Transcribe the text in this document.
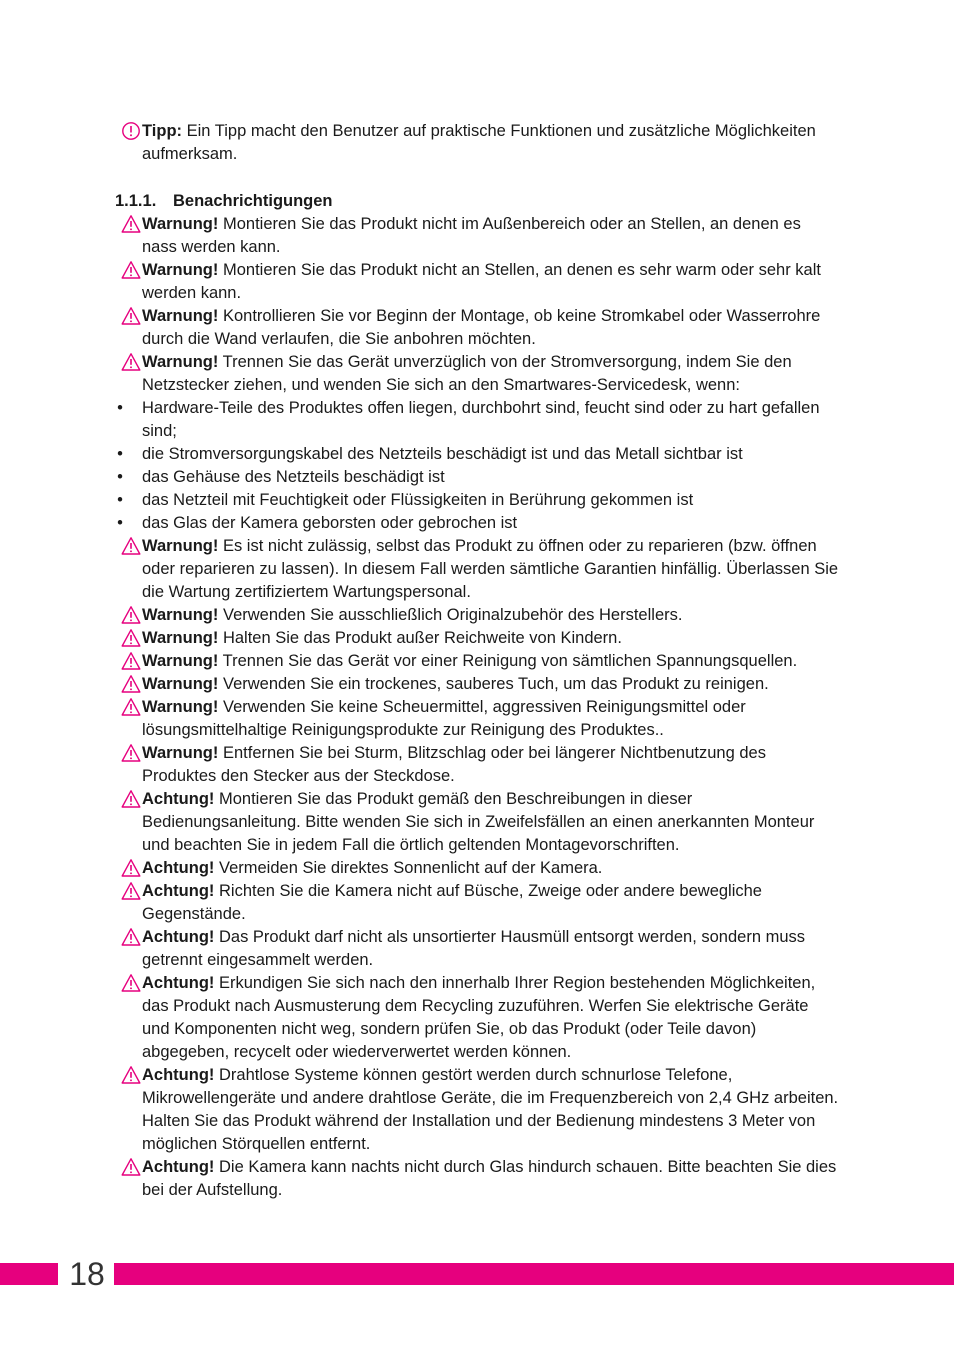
Tipp: Ein Tipp macht den Benutzer auf praktische Funktionen und zusätzliche Möglichkeiten aufmerksam.
1.1.1. Benachrichtigungen
Warnung! Montieren Sie das Produkt nicht im Außenbereich oder an Stellen, an denen es nass werden kann.
Warnung! Montieren Sie das Produkt nicht an Stellen, an denen es sehr warm oder sehr kalt werden kann.
Warnung! Kontrollieren Sie vor Beginn der Montage, ob keine Stromkabel oder Wasserrohre durch die Wand verlaufen, die Sie anbohren möchten.
Warnung! Trennen Sie das Gerät unverzüglich von der Stromversorgung, indem Sie den Netzstecker ziehen, und wenden Sie sich an den Smartwares-Servicedesk, wenn:
• Hardware-Teile des Produktes offen liegen, durchbohrt sind, feucht sind oder zu hart gefallen sind;
• die Stromversorgungskabel des Netzteils beschädigt ist und das Metall sichtbar ist
• das Gehäuse des Netzteils beschädigt ist
• das Netzteil mit Feuchtigkeit oder Flüssigkeiten in Berührung gekommen ist
• das Glas der Kamera geborsten oder gebrochen ist
Warnung! Es ist nicht zulässig, selbst das Produkt zu öffnen oder zu reparieren (bzw. öffnen oder reparieren zu lassen). In diesem Fall werden sämtliche Garantien hinfällig. Überlassen Sie die Wartung zertifiziertem Wartungspersonal.
Warnung! Verwenden Sie ausschließlich Originalzubehör des Herstellers.
Warnung! Halten Sie das Produkt außer Reichweite von Kindern.
Warnung! Trennen Sie das Gerät vor einer Reinigung von sämtlichen Spannungsquellen.
Warnung! Verwenden Sie ein trockenes, sauberes Tuch, um das Produkt zu reinigen.
Warnung! Verwenden Sie keine Scheuermittel, aggressiven Reinigungsmittel oder lösungsmittelhaltige Reinigungsprodukte zur Reinigung des Produktes..
Warnung! Entfernen Sie bei Sturm, Blitzschlag oder bei längerer Nichtbenutzung des Produktes den Stecker aus der Steckdose.
Achtung! Montieren Sie das Produkt gemäß den Beschreibungen in dieser Bedienungsanleitung. Bitte wenden Sie sich in Zweifelsfällen an einen anerkannten Monteur und beachten Sie in jedem Fall die örtlich geltenden Montagevorschriften.
Achtung! Vermeiden Sie direktes Sonnenlicht auf der Kamera.
Achtung! Richten Sie die Kamera nicht auf Büsche, Zweige oder andere bewegliche Gegenstände.
Achtung! Das Produkt darf nicht als unsortierter Hausmüll entsorgt werden, sondern muss getrennt eingesammelt werden.
Achtung! Erkundigen Sie sich nach den innerhalb Ihrer Region bestehenden Möglichkeiten, das Produkt nach Ausmusterung dem Recycling zuzuführen. Werfen Sie elektrische Geräte und Komponenten nicht weg, sondern prüfen Sie, ob das Produkt (oder Teile davon) abgegeben, recycelt oder wiederverwertet werden können.
Achtung! Drahtlose Systeme können gestört werden durch schnurlose Telefone, Mikrowellengeräte und andere drahtlose Geräte, die im Frequenzbereich von 2,4 GHz arbeiten. Halten Sie das Produkt während der Installation und der Bedienung mindestens 3 Meter von möglichen Störquellen entfernt.
Achtung! Die Kamera kann nachts nicht durch Glas hindurch schauen. Bitte beachten Sie dies bei der Aufstellung.
18
